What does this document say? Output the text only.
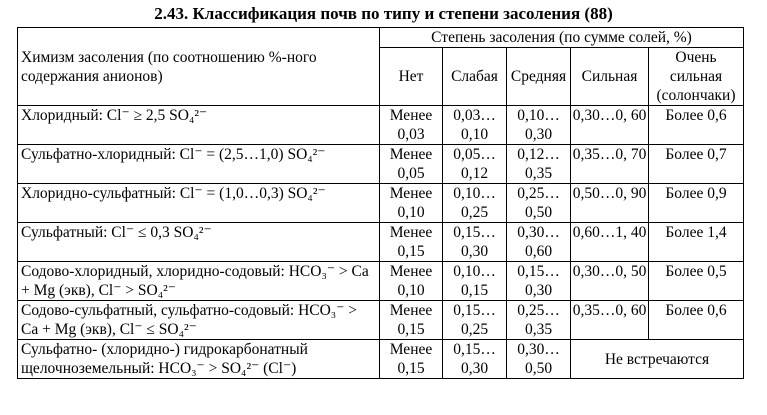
2.43. Классификация почв по типу и степени засоления (88)
Химизм засоления (по соотношению %-ного содержания анионов)	Степень засоления (по сумме солей, %)				
	Нет	Слабая	Средняя	Сильная	Очень сильная (солончаки)
Хлоридный: Cl⁻ ≥ 2,5 SO₄²⁻	Менее 0,03	0,03… 0,10	0,10… 0,30	0,30…0, 60	Более 0,6
Сульфатно-хлоридный: Cl⁻ = (2,5…1,0) SO₄²⁻	Менее 0,05	0,05… 0,12	0,12… 0,35	0,35…0, 70	Более 0,7
Хлоридно-сульфатный: Cl⁻ = (1,0…0,3) SO₄²⁻	Менее 0,10	0,10… 0,25	0,25… 0,50	0,50…0, 90	Более 0,9
Сульфатный: Cl⁻ ≤ 0,3 SO₄²⁻	Менее 0,15	0,15… 0,30	0,30… 0,60	0,60…1, 40	Более 1,4
Содово-хлоридный, хлоридно-содовый: HCO₃⁻ > Ca + Mg (экв), Cl⁻ > SO₄²⁻	Менее 0,10	0,10… 0,15	0,15… 0,30	0,30…0, 50	Более 0,5
Содово-сульфатный, сульфатно-содовый: HCO₃⁻ > Ca + Mg (экв), Cl⁻ ≤ SO₄²⁻	Менее 0,15	0,15… 0,25	0,25… 0,35	0,35…0, 60	Более 0,6
Сульфатно- (хлоридно-) гидрокарбонатный щелочноземельный: HCO₃⁻ > SO₄²⁻ (Cl⁻)	Менее 0,15	0,15… 0,30	0,30… 0,50	Не встречаются	
